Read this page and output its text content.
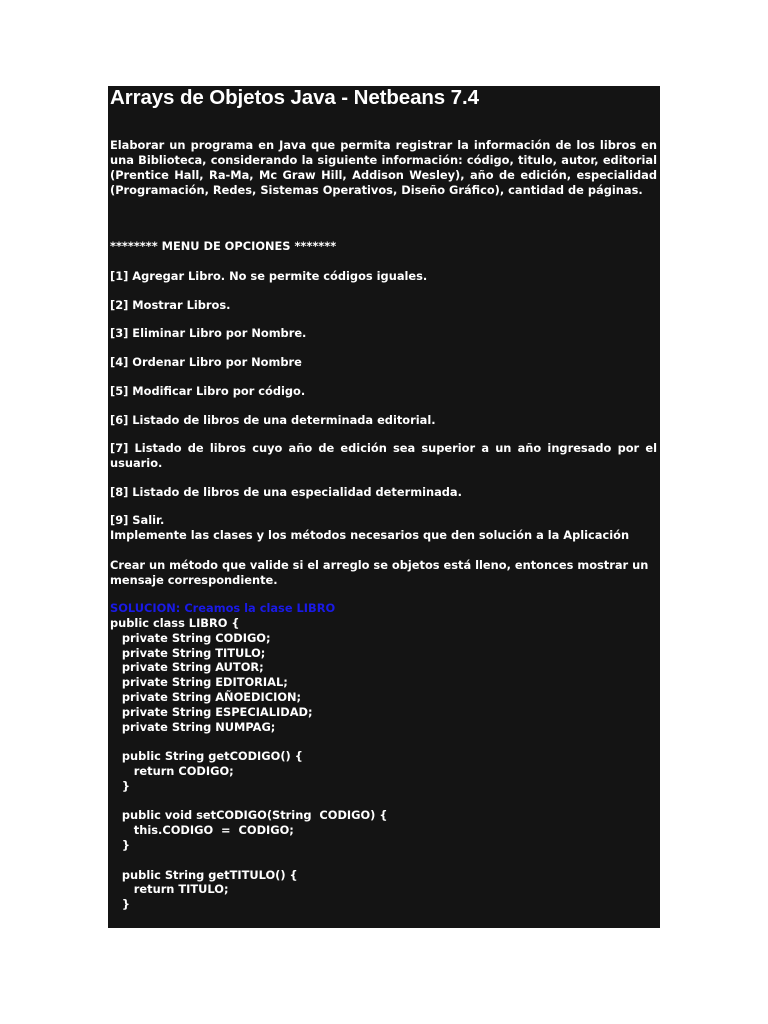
Arrays de Objetos Java - Netbeans 7.4
Elaborar un programa en Java que permita registrar la información de los libros en una Biblioteca, considerando la siguiente información: código, titulo, autor, editorial (Prentice Hall, Ra-Ma, Mc Graw Hill, Addison Wesley), año de edición, especialidad (Programación, Redes, Sistemas Operativos, Diseño Gráfico), cantidad de páginas.
******** MENU DE OPCIONES *******
[1] Agregar Libro. No se permite códigos iguales.
[2] Mostrar Libros.
[3] Eliminar Libro por Nombre.
[4] Ordenar Libro por Nombre
[5] Modificar Libro por código.
[6] Listado de libros de una determinada editorial.
[7] Listado de libros cuyo año de edición sea superior a un año ingresado por el usuario.
[8] Listado de libros de una especialidad determinada.
[9] Salir.
Implemente las clases y los métodos necesarios que den solución a la Aplicación
Crear un método que valide si el arreglo se objetos está lleno, entonces mostrar un mensaje correspondiente.
SOLUCION: Creamos la clase LIBRO
public class LIBRO {
private String CODIGO;
private String TITULO;
private String AUTOR;
private String EDITORIAL;
private String AÑOEDICION;
private String ESPECIALIDAD;
private String NUMPAG;
public String getCODIGO() {
return CODIGO;
}
public void setCODIGO(String  CODIGO) {
this.CODIGO  =  CODIGO;
}
public String getTITULO() {
return TITULO;
}
